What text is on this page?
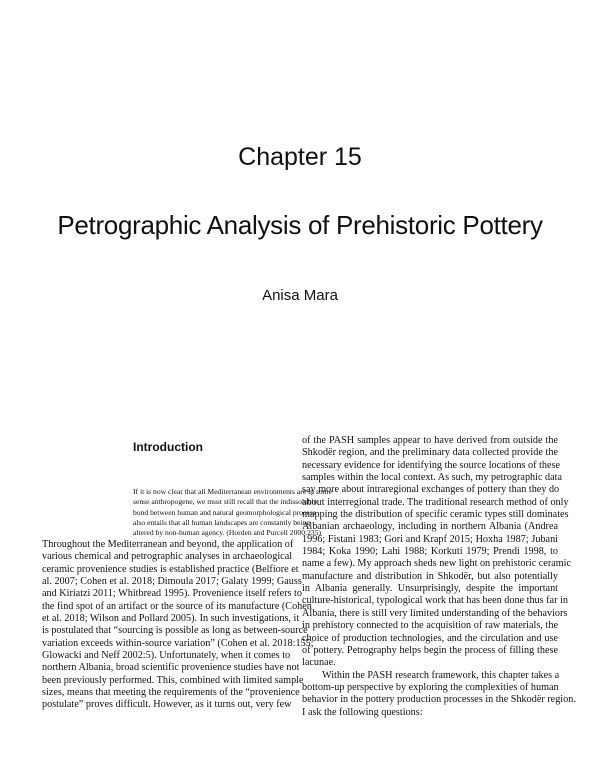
Chapter 15
Petrographic Analysis of Prehistoric Pottery
Anisa Mara
Introduction
If it is now clear that all Mediterranean environments are in some
sense anthropogene, we must still recall that the indissoluble
bond between human and natural geomorphological process
also entails that all human landscapes are constantly being
altered by non-human agency. (Horden and Purcell 2000:235)
Throughout the Mediterranean and beyond, the application of
various chemical and petrographic analyses in archaeological
ceramic provenience studies is established practice (Belfiore et
al. 2007; Cohen et al. 2018; Dimoula 2017; Galaty 1999; Gauss
and Kiriatzi 2011; Whitbread 1995). Provenience itself refers to
the find spot of an artifact or the source of its manufacture (Cohen
et al. 2018; Wilson and Pollard 2005). In such investigations, it
is postulated that “sourcing is possible as long as between-source
variation exceeds within-source variation” (Cohen et al. 2018:155;
Glowacki and Neff 2002:5). Unfortunately, when it comes to
northern Albania, broad scientific provenience studies have not
been previously performed. This, combined with limited sample
sizes, means that meeting the requirements of the “provenience
postulate” proves difficult. However, as it turns out, very few
of the PASH samples appear to have derived from outside the
Shkodër region, and the preliminary data collected provide the
necessary evidence for identifying the source locations of these
samples within the local context. As such, my petrographic data
say more about intraregional exchanges of pottery than they do
about interregional trade. The traditional research method of only
mapping the distribution of specific ceramic types still dominates
Albanian archaeology, including in northern Albania (Andrea
1996; Fistani 1983; Gori and Krapf 2015; Hoxha 1987; Jubani
1984; Koka 1990; Lahi 1988; Korkuti 1979; Prendi 1998, to
name a few). My approach sheds new light on prehistoric ceramic
manufacture and distribution in Shkodër, but also potentially
in Albania generally. Unsurprisingly, despite the important
culture-historical, typological work that has been done thus far in
Albania, there is still very limited understanding of the behaviors
in prehistory connected to the acquisition of raw materials, the
choice of production technologies, and the circulation and use
of pottery. Petrography helps begin the process of filling these
lacunae.
Within the PASH research framework, this chapter takes a
bottom-up perspective by exploring the complexities of human
behavior in the pottery production processes in the Shkodër region.
I ask the following questions:
